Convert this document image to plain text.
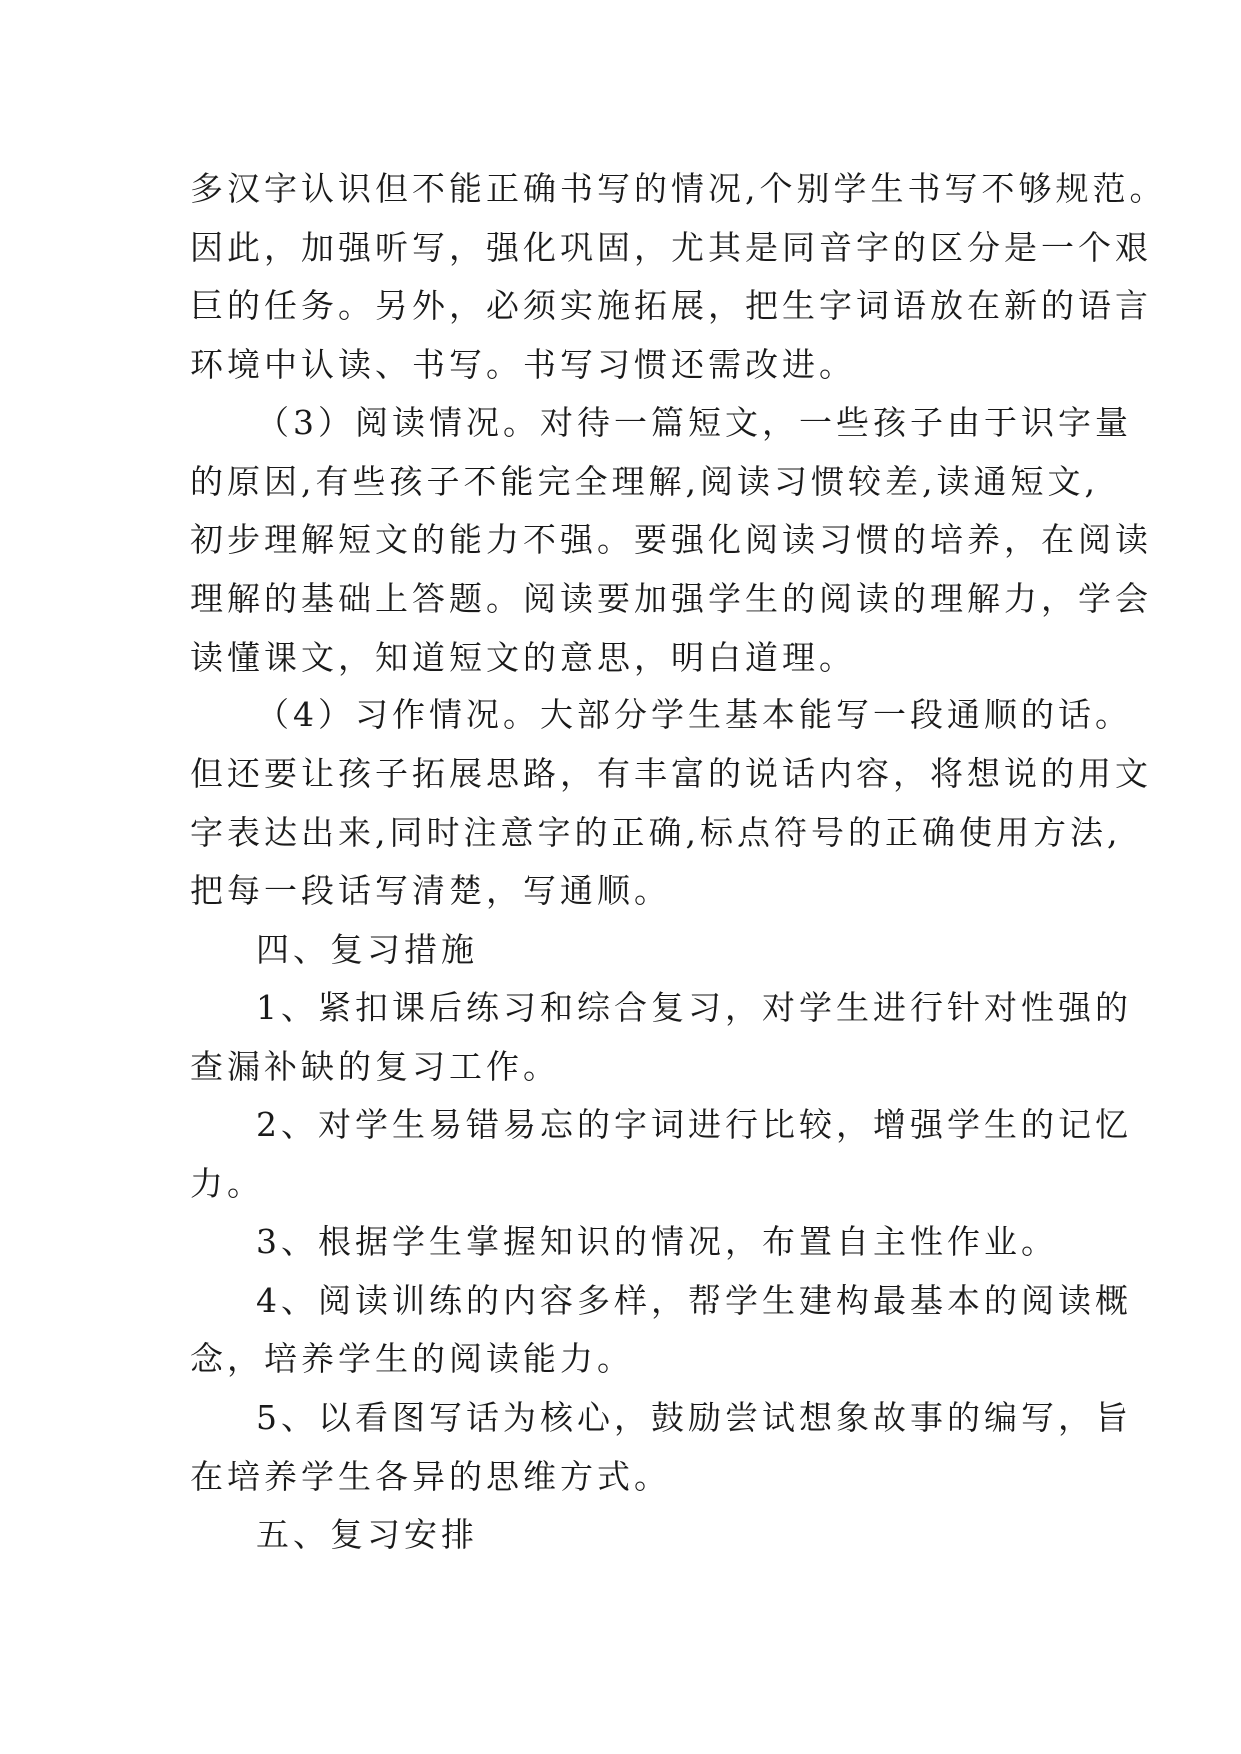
多汉字认识但不能正确书写的情况,个别学生书写不够规范。
因此，加强听写，强化巩固，尤其是同音字的区分是一个艰
巨的任务。另外，必须实施拓展，把生字词语放在新的语言
环境中认读、书写。书写习惯还需改进。
（3）阅读情况。对待一篇短文，一些孩子由于识字量
的原因,有些孩子不能完全理解,阅读习惯较差,读通短文,
初步理解短文的能力不强。要强化阅读习惯的培养，在阅读
理解的基础上答题。阅读要加强学生的阅读的理解力，学会
读懂课文，知道短文的意思，明白道理。
（4）习作情况。大部分学生基本能写一段通顺的话。
但还要让孩子拓展思路，有丰富的说话内容，将想说的用文
字表达出来,同时注意字的正确,标点符号的正确使用方法,
把每一段话写清楚，写通顺。
四、复习措施
1、紧扣课后练习和综合复习，对学生进行针对性强的
查漏补缺的复习工作。
2、对学生易错易忘的字词进行比较，增强学生的记忆
力。
3、根据学生掌握知识的情况，布置自主性作业。
4、阅读训练的内容多样，帮学生建构最基本的阅读概
念，培养学生的阅读能力。
5、以看图写话为核心，鼓励尝试想象故事的编写，旨
在培养学生各异的思维方式。
五、复习安排
